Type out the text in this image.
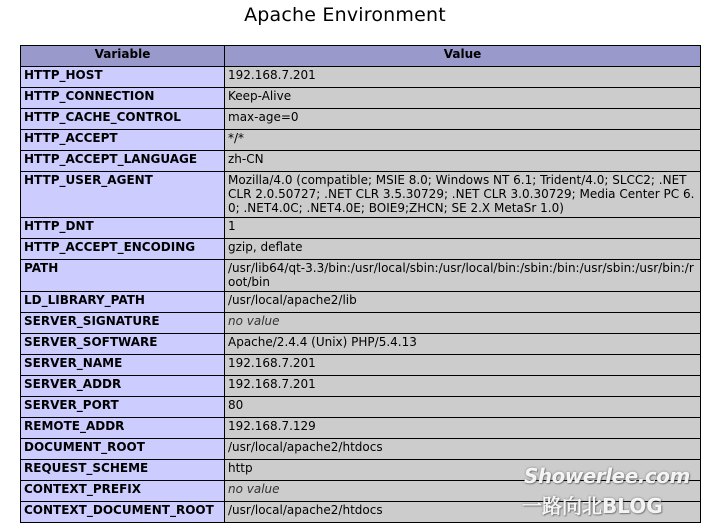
Apache Environment
Variable	Value
HTTP_HOST	192.168.7.201
HTTP_CONNECTION	Keep-Alive
HTTP_CACHE_CONTROL	max-age=0
HTTP_ACCEPT	*/*
HTTP_ACCEPT_LANGUAGE	zh-CN
HTTP_USER_AGENT	Mozilla/4.0 (compatible; MSIE 8.0; Windows NT 6.1; Trident/4.0; SLCC2; .NET CLR 2.0.50727; .NET CLR 3.5.30729; .NET CLR 3.0.30729; Media Center PC 6.0; .NET4.0C; .NET4.0E; BOIE9;ZHCN; SE 2.X MetaSr 1.0)
HTTP_DNT	1
HTTP_ACCEPT_ENCODING	gzip, deflate
PATH	/usr/lib64/qt-3.3/bin:/usr/local/sbin:/usr/local/bin:/sbin:/bin:/usr/sbin:/usr/bin:/root/bin
LD_LIBRARY_PATH	/usr/local/apache2/lib
SERVER_SIGNATURE	no value
SERVER_SOFTWARE	Apache/2.4.4 (Unix) PHP/5.4.13
SERVER_NAME	192.168.7.201
SERVER_ADDR	192.168.7.201
SERVER_PORT	80
REMOTE_ADDR	192.168.7.129
DOCUMENT_ROOT	/usr/local/apache2/htdocs
REQUEST_SCHEME	http
CONTEXT_PREFIX	no value
CONTEXT_DOCUMENT_ROOT	/usr/local/apache2/htdocs
Showerlee.com
一路向北BLOG
